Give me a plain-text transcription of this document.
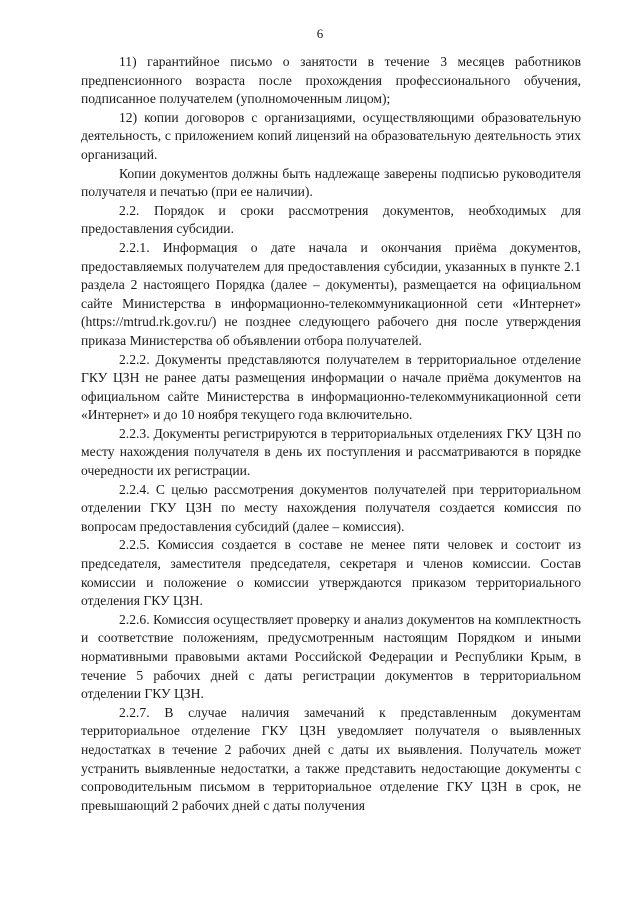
6

11) гарантийное письмо о занятости в течение 3 месяцев работников предпенсионного возраста после прохождения профессионального обучения, подписанное получателем (уполномоченным лицом);

12) копии договоров с организациями, осуществляющими образовательную деятельность, с приложением копий лицензий на образовательную деятельность этих организаций.

Копии документов должны быть надлежаще заверены подписью руководителя получателя и печатью (при ее наличии).

2.2. Порядок и сроки рассмотрения документов, необходимых для предоставления субсидии.

2.2.1. Информация о дате начала и окончания приёма документов, предоставляемых получателем для предоставления субсидии, указанных в пункте 2.1 раздела 2 настоящего Порядка (далее – документы), размещается на официальном сайте Министерства в информационно-телекоммуникационной сети «Интернет» (https://mtrud.rk.gov.ru/) не позднее следующего рабочего дня после утверждения приказа Министерства об объявлении отбора получателей.

2.2.2. Документы представляются получателем в территориальное отделение ГКУ ЦЗН не ранее даты размещения информации о начале приёма документов на официальном сайте Министерства в информационно-телекоммуникационной сети «Интернет» и до 10 ноября текущего года включительно.

2.2.3. Документы регистрируются в территориальных отделениях ГКУ ЦЗН по месту нахождения получателя в день их поступления и рассматриваются в порядке очередности их регистрации.

2.2.4. С целью рассмотрения документов получателей при территориальном отделении ГКУ ЦЗН по месту нахождения получателя создается комиссия по вопросам предоставления субсидий (далее – комиссия).

2.2.5. Комиссия создается в составе не менее пяти человек и состоит из председателя, заместителя председателя, секретаря и членов комиссии. Состав комиссии и положение о комиссии утверждаются приказом территориального отделения ГКУ ЦЗН.

2.2.6. Комиссия осуществляет проверку и анализ документов на комплектность и соответствие положениям, предусмотренным настоящим Порядком и иными нормативными правовыми актами Российской Федерации и Республики Крым, в течение 5 рабочих дней с даты регистрации документов в территориальном отделении ГКУ ЦЗН.

2.2.7. В случае наличия замечаний к представленным документам территориальное отделение ГКУ ЦЗН уведомляет получателя о выявленных недостатках в течение 2 рабочих дней с даты их выявления. Получатель может устранить выявленные недостатки, а также представить недостающие документы с сопроводительным письмом в территориальное отделение ГКУ ЦЗН в срок, не превышающий 2 рабочих дней с даты получения
